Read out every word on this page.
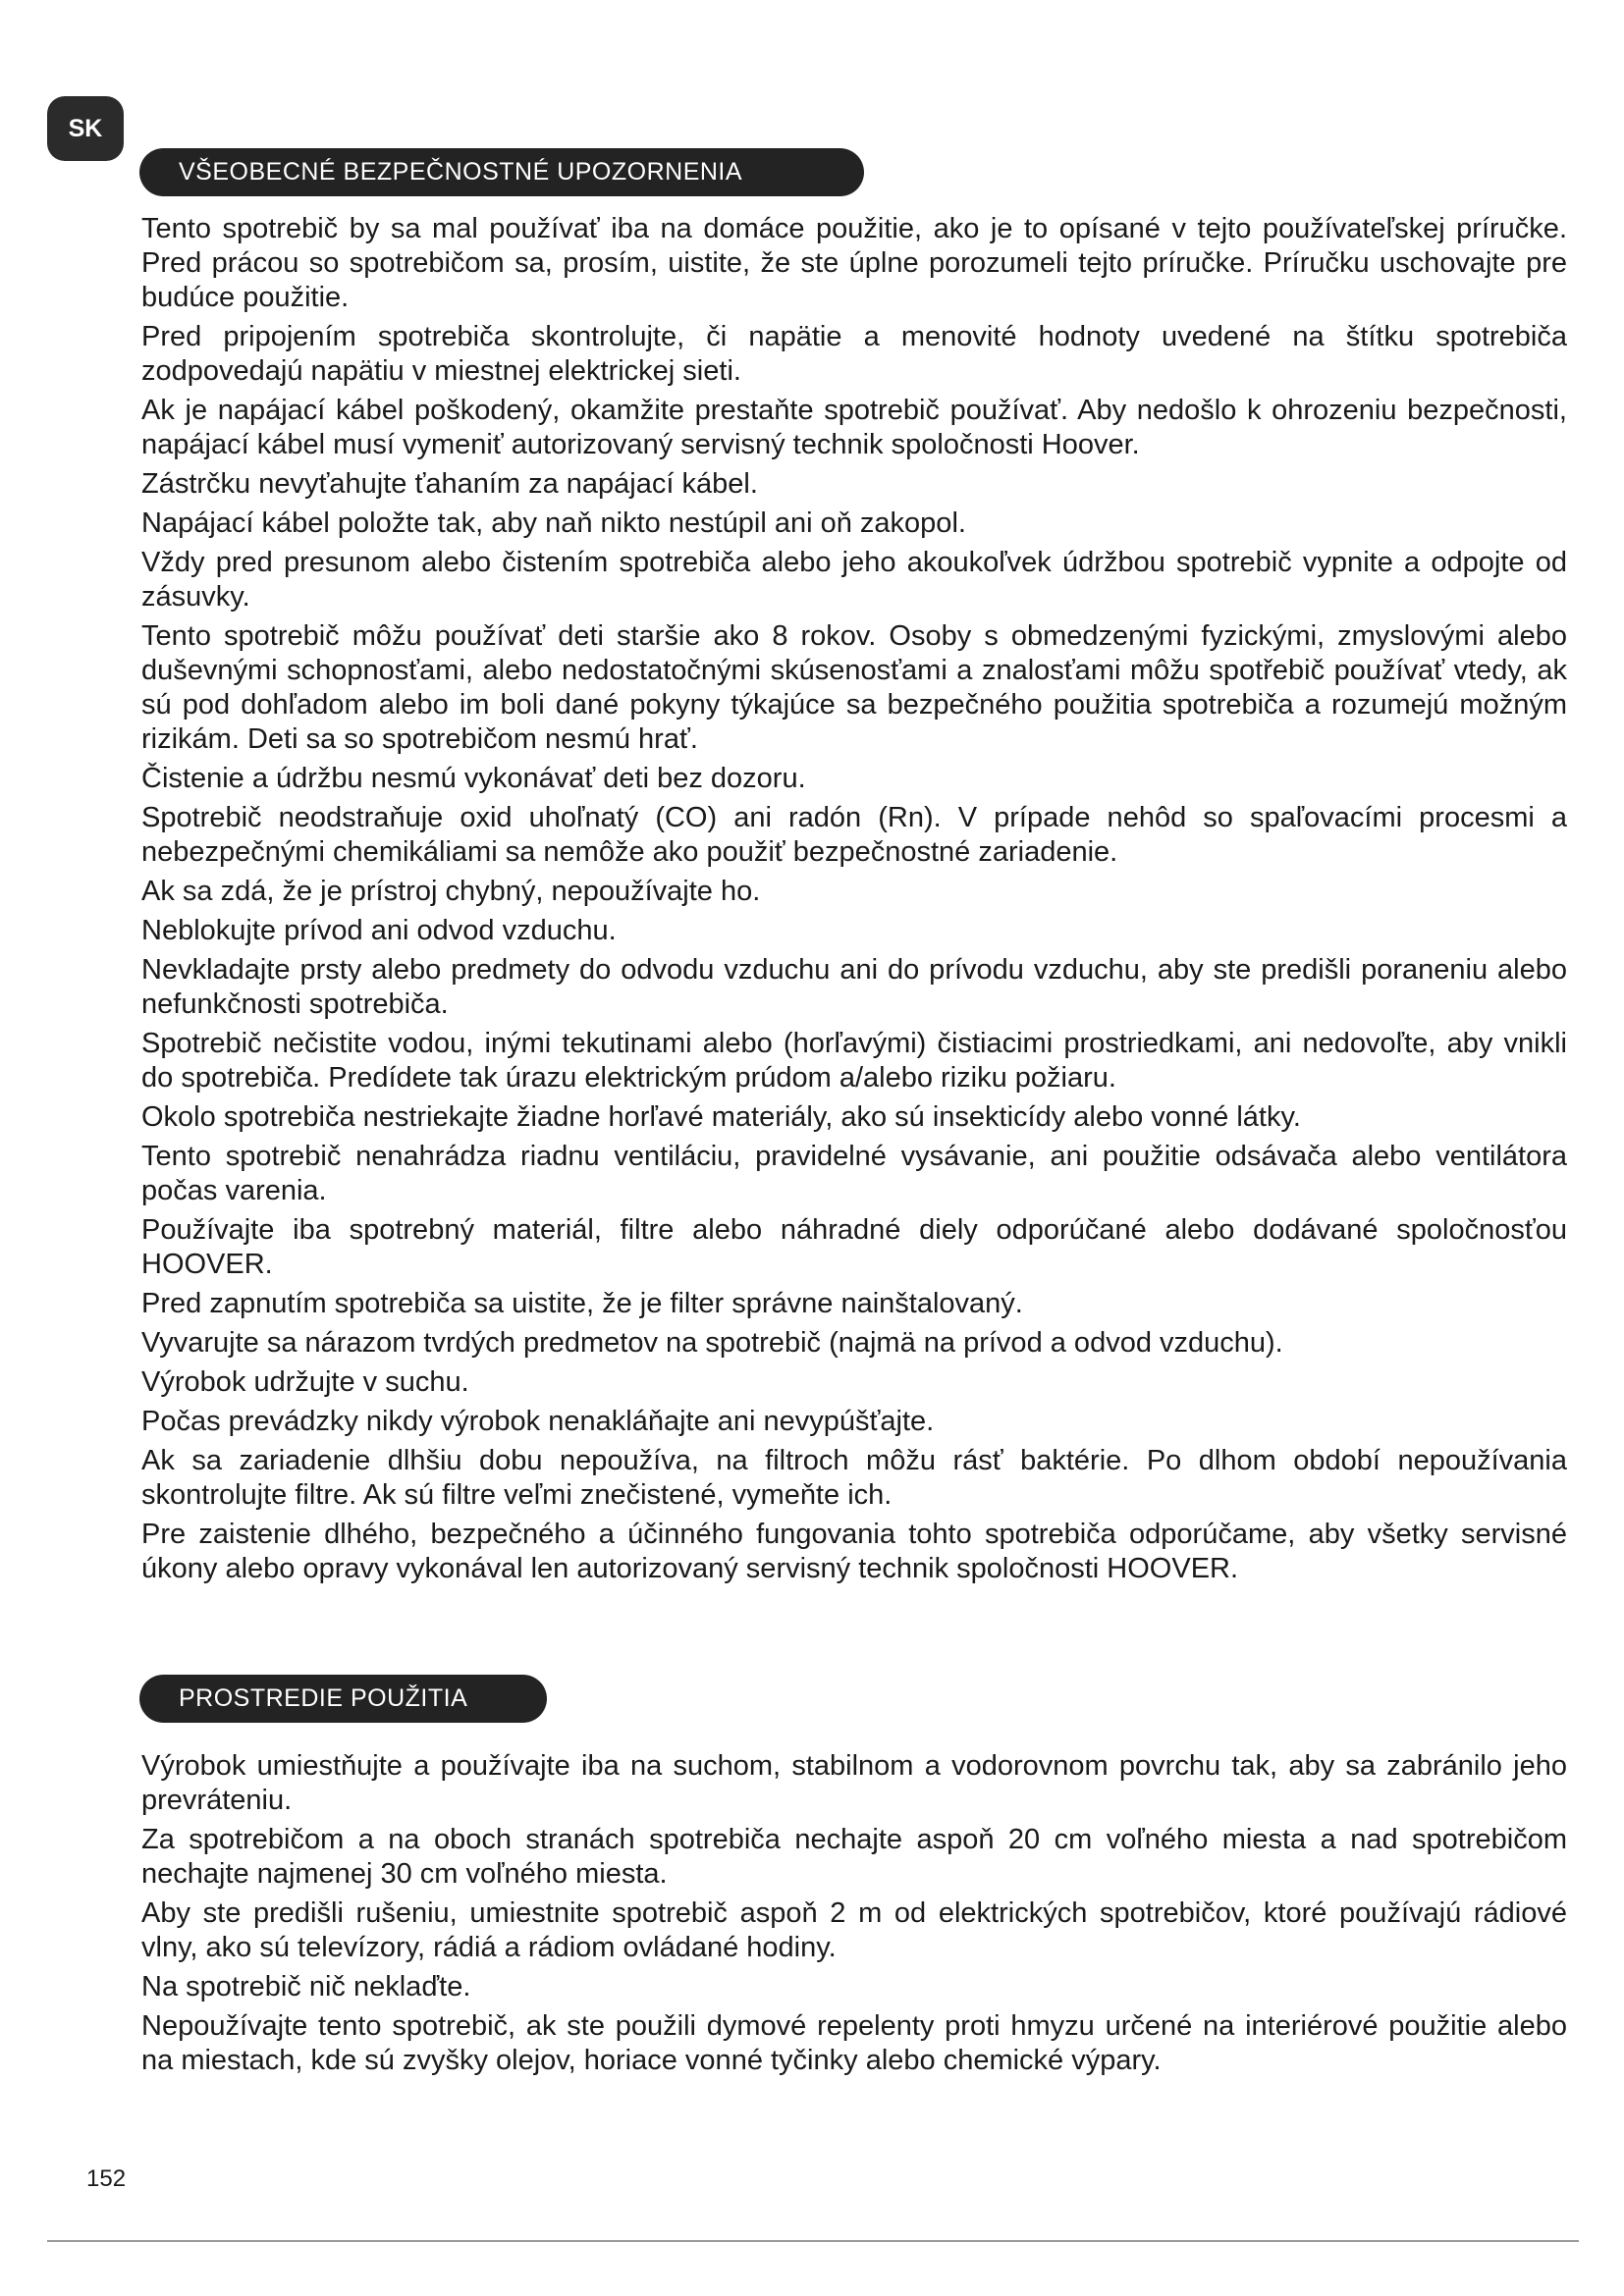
SK
VŠEOBECNÉ BEZPEČNOSTNÉ UPOZORNENIA

Tento spotrebič by sa mal používať iba na domáce použitie, ako je to opísané v tejto používateľskej príručke. Pred prácou so spotrebičom sa, prosím, uistite, že ste úplne porozumeli tejto príručke. Príručku uschovajte pre budúce použitie.

Pred pripojením spotrebiča skontrolujte, či napätie a menovité hodnoty uvedené na štítku spotrebiča zodpovedajú napätiu v miestnej elektrickej sieti.

Ak je napájací kábel poškodený, okamžite prestaňte spotrebič používať. Aby nedošlo k ohrozeniu bezpečnosti, napájací kábel musí vymeniť autorizovaný servisný technik spoločnosti Hoover.

Zástrčku nevyťahujte ťahaním za napájací kábel.

Napájací kábel položte tak, aby naň nikto nestúpil ani oň zakopol.

Vždy pred presunom alebo čistením spotrebiča alebo jeho akoukoľvek údržbou spotrebič vypnite a odpojte od zásuvky.

Tento spotrebič môžu používať deti staršie ako 8 rokov. Osoby s obmedzenými fyzickými, zmyslovými alebo duševnými schopnosťami, alebo nedostatočnými skúsenosťami a znalosťami môžu spotřebič používať vtedy, ak sú pod dohľadom alebo im boli dané pokyny týkajúce sa bezpečného použitia spotrebiča a rozumejú možným rizikám. Deti sa so spotrebičom nesmú hrať.

Čistenie a údržbu nesmú vykonávať deti bez dozoru.

Spotrebič neodstraňuje oxid uhoľnatý (CO) ani radón (Rn). V prípade nehôd so spaľovacími procesmi a nebezpečnými chemikáliami sa nemôže ako použiť bezpečnostné zariadenie.

Ak sa zdá, že je prístroj chybný, nepoužívajte ho.

Neblokujte prívod ani odvod vzduchu.

Nevkladajte prsty alebo predmety do odvodu vzduchu ani do prívodu vzduchu, aby ste predišli poraneniu alebo nefunkčnosti spotrebiča.

Spotrebič nečistite vodou, inými tekutinami alebo (horľavými) čistiacimi prostriedkami, ani nedovoľte, aby vnikli do spotrebiča. Predídete tak úrazu elektrickým prúdom a/alebo riziku požiaru.

Okolo spotrebiča nestriekajte žiadne horľavé materiály, ako sú insekticídy alebo vonné látky.

Tento spotrebič nenahrádza riadnu ventiláciu, pravidelné vysávanie, ani použitie odsávača alebo ventilátora počas varenia.

Používajte iba spotrebný materiál, filtre alebo náhradné diely odporúčané alebo dodávané spoločnosťou HOOVER.

Pred zapnutím spotrebiča sa uistite, že je filter správne nainštalovaný.

Vyvarujte sa nárazom tvrdých predmetov na spotrebič (najmä na prívod a odvod vzduchu).

Výrobok udržujte v suchu.

Počas prevádzky nikdy výrobok nenakláňajte ani nevypúšťajte.

Ak sa zariadenie dlhšiu dobu nepoužíva, na filtroch môžu rásť baktérie. Po dlhom období nepoužívania skontrolujte filtre. Ak sú filtre veľmi znečistené, vymeňte ich.

Pre zaistenie dlhého, bezpečného a účinného fungovania tohto spotrebiča odporúčame, aby všetky servisné úkony alebo opravy vykonával len autorizovaný servisný technik spoločnosti HOOVER.

PROSTREDIE POUŽITIA

Výrobok umiestňujte a používajte iba na suchom, stabilnom a vodorovnom povrchu tak, aby sa zabránilo jeho prevráteniu.

Za spotrebičom a na oboch stranách spotrebiča nechajte aspoň 20 cm voľného miesta a nad spotrebičom nechajte najmenej 30 cm voľného miesta.

Aby ste predišli rušeniu, umiestnite spotrebič aspoň 2 m od elektrických spotrebičov, ktoré používajú rádiové vlny, ako sú televízory, rádiá a rádiom ovládané hodiny.

Na spotrebič nič neklaďte.

Nepoužívajte tento spotrebič, ak ste použili dymové repelenty proti hmyzu určené na interiérové použitie alebo na miestach, kde sú zvyšky olejov, horiace vonné tyčinky alebo chemické výpary.

152
